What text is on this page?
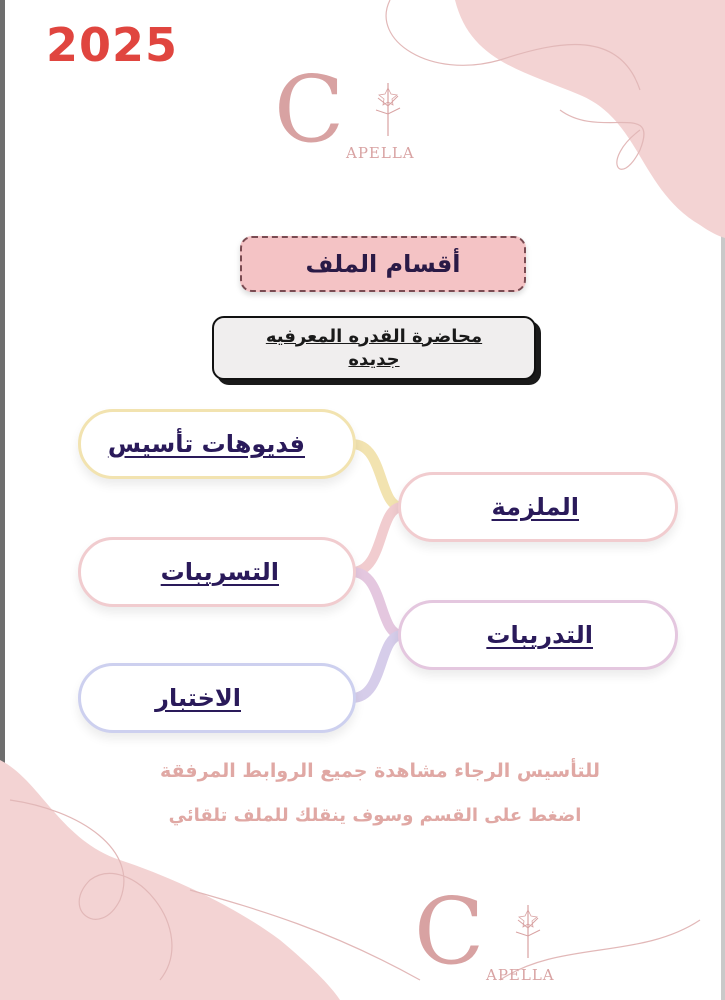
2025
C APELLA
أقسام الملف
محاضرة القدره المعرفيه
جديده
فديوهات تأسيس
الملزمة
التسريبات
التدريبات
الاختبار
للتأسيس الرجاء مشاهدة جميع الروابط المرفقة
اضغط على القسم وسوف ينقلك للملف تلقائي
C APELLA
